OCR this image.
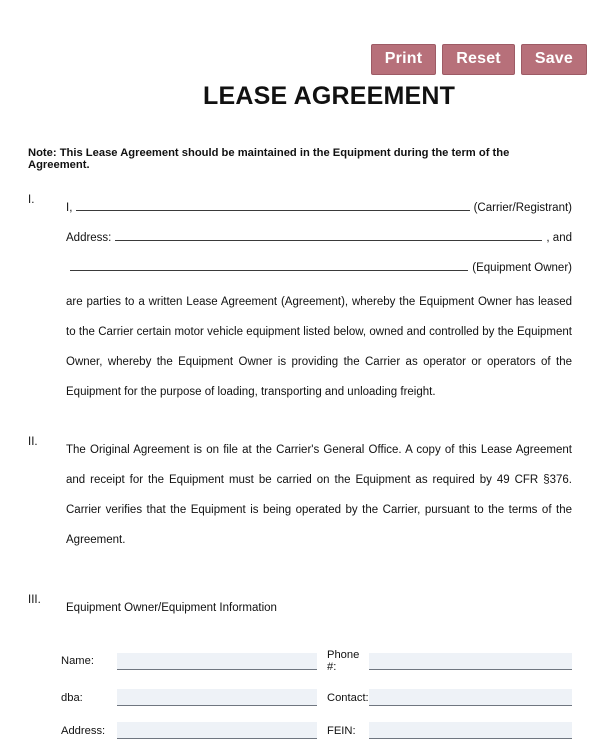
Print	Reset	Save
LEASE AGREEMENT
Note: This Lease Agreement should be maintained in the Equipment during the term of the Agreement.
I.
I,	(Carrier/Registrant)
Address:	, and
(Equipment Owner)

are parties to a written Lease Agreement (Agreement), whereby the Equipment Owner has leased to the Carrier certain motor vehicle equipment listed below, owned and controlled by the Equipment Owner, whereby the Equipment Owner is providing the Carrier as operator or operators of the Equipment for the purpose of loading, transporting and unloading freight.

II.

The Original Agreement is on file at the Carrier's General Office. A copy of this Lease Agreement and receipt for the Equipment must be carried on the Equipment as required by 49 CFR §376. Carrier verifies that the Equipment is being operated by the Carrier, pursuant to the terms of the Agreement.

III.
Equipment Owner/Equipment Information
Name:	Phone #:
dba:	Contact:
Address:	FEIN:
